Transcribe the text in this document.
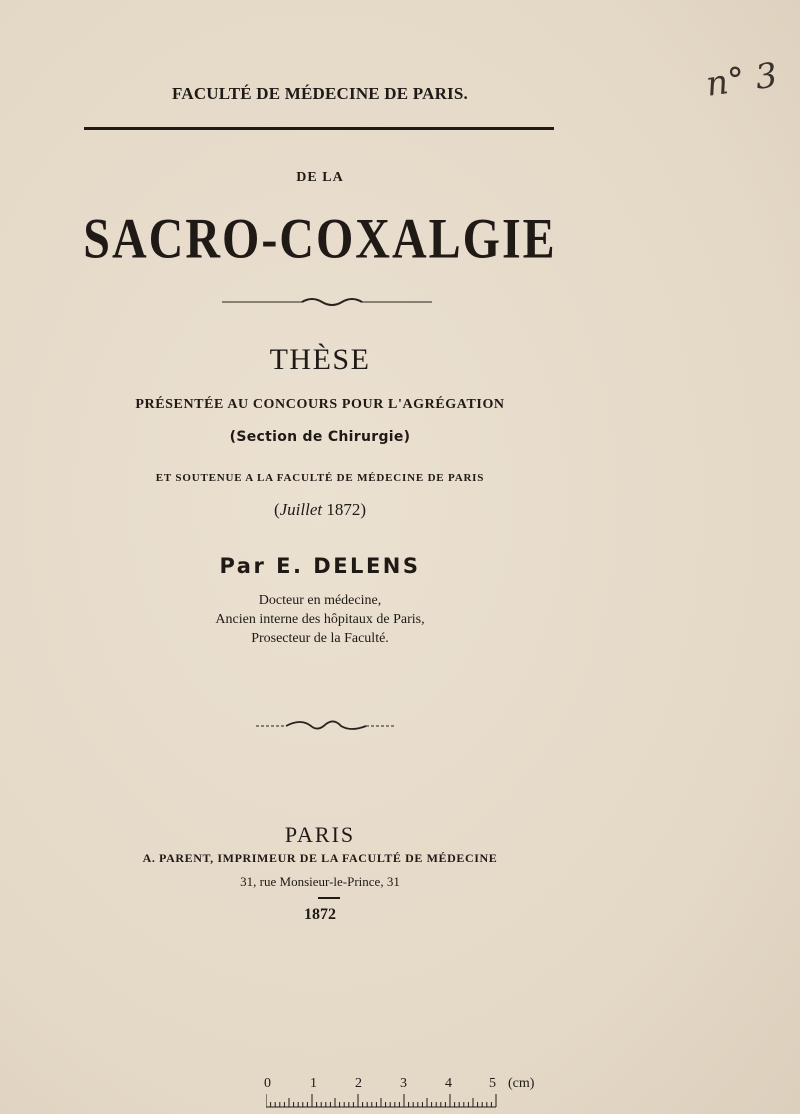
FACULTÉ DE MÉDECINE DE PARIS.	n° 3
DE LA
SACRO-COXALGIE
THÈSE
PRÉSENTÉE AU CONCOURS POUR L'AGRÉGATION
(Section de Chirurgie)
ET SOUTENUE A LA FACULTÉ DE MÉDECINE DE PARIS
(Juillet 1872)
Par E. DELENS
Docteur en médecine,
Ancien interne des hôpitaux de Paris,
Prosecteur de la Faculté.
PARIS
A. PARENT, IMPRIMEUR DE LA FACULTÉ DE MÉDECINE
31, rue Monsieur-le-Prince, 31
1872
0	1	2	3	4	5 (cm)
